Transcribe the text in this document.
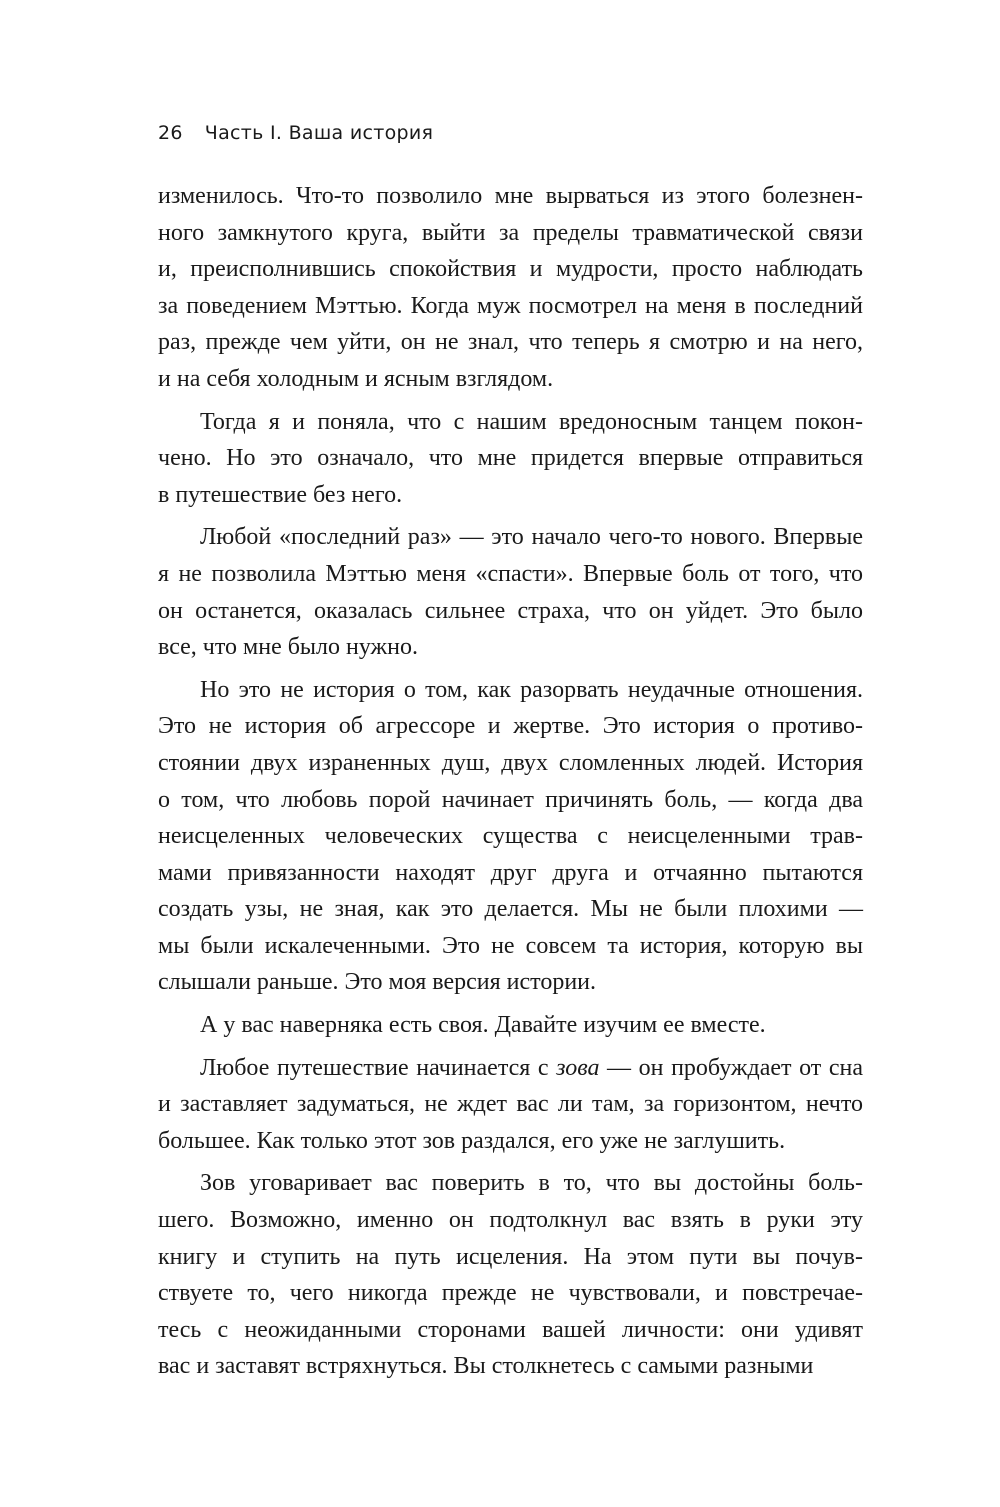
26 Часть I. Ваша история

изменилось. Что-то позволило мне вырваться из этого болезнен-
ного замкнутого круга, выйти за пределы травматической связи
и, преисполнившись спокойствия и мудрости, просто наблюдать
за поведением Мэттью. Когда муж посмотрел на меня в последний
раз, прежде чем уйти, он не знал, что теперь я смотрю и на него,
и на себя холодным и ясным взглядом.

Тогда я и поняла, что с нашим вредоносным танцем покон-
чено. Но это означало, что мне придется впервые отправиться
в путешествие без него.

Любой «последний раз» — это начало чего-то нового. Впервые
я не позволила Мэттью меня «спасти». Впервые боль от того, что
он останется, оказалась сильнее страха, что он уйдет. Это было
все, что мне было нужно.

Но это не история о том, как разорвать неудачные отношения.
Это не история об агрессоре и жертве. Это история о противо-
стоянии двух израненных душ, двух сломленных людей. История
о том, что любовь порой начинает причинять боль, — когда два
неисцеленных человеческих существа с неисцеленными трав-
мами привязанности находят друг друга и отчаянно пытаются
создать узы, не зная, как это делается. Мы не были плохими —
мы были искалеченными. Это не совсем та история, которую вы
слышали раньше. Это моя версия истории.

А у вас наверняка есть своя. Давайте изучим ее вместе.

Любое путешествие начинается с зова — он пробуждает от сна
и заставляет задуматься, не ждет вас ли там, за горизонтом, нечто
большее. Как только этот зов раздался, его уже не заглушить.

Зов уговаривает вас поверить в то, что вы достойны боль-
шего. Возможно, именно он подтолкнул вас взять в руки эту
книгу и ступить на путь исцеления. На этом пути вы почув-
ствуете то, чего никогда прежде не чувствовали, и повстречае-
тесь с неожиданными сторонами вашей личности: они удивят
вас и заставят встряхнуться. Вы столкнетесь с самыми разными
